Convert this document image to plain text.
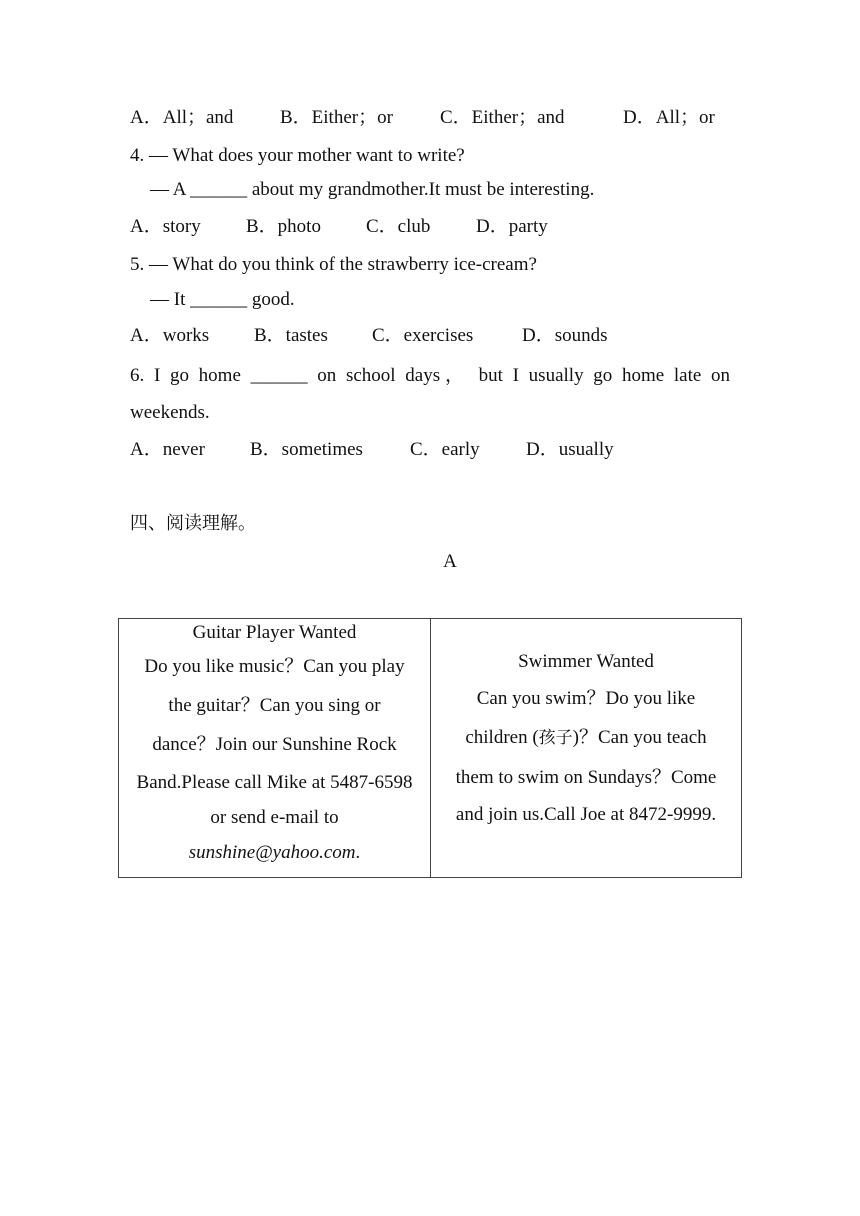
A．All；and B．Either；or C．Either；and	D．All；or
4. — What does your mother want to write?
— A ______ about my grandmother.It must be interesting.
A．story B．photo C．club D．party
5. — What do you think of the strawberry ice-cream?
— It ______ good.
A．works B．tastes C．exercises	D．sounds
6. I go home ______ on school days， but I usually go home late on
weekends.
A．never B．sometimes C．early D．usually
四、阅读理解。
A
Guitar Player Wanted
Do you like music？Can you play
the guitar？Can you sing or
dance？Join our Sunshine Rock
Band.Please call Mike at 5487-6598
or send e-mail to
sunshine@yahoo.com.

Swimmer Wanted
Can you swim？Do you like
children (孩子)？Can you teach
them to swim on Sundays？Come
and join us.Call Joe at 8472-9999.
